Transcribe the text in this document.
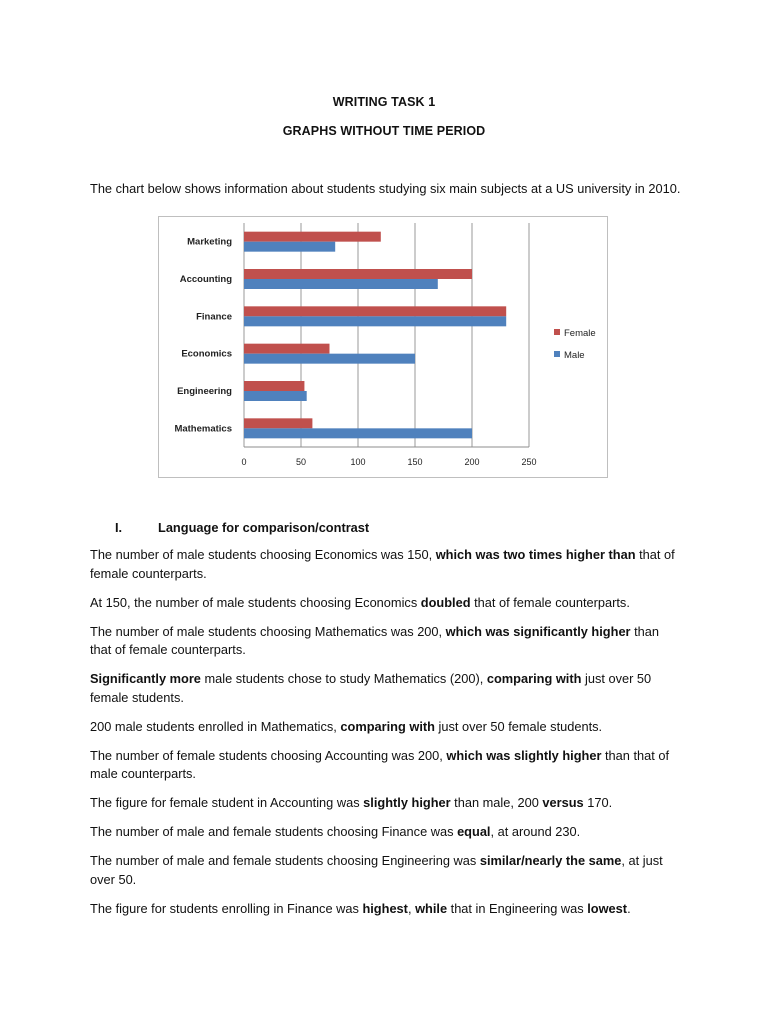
WRITING TASK 1
GRAPHS WITHOUT TIME PERIOD
The chart below shows information about students studying six main subjects at a US university in 2010.
0	50	100	150	200	250
Marketing
Accounting
Finance
Economics
Engineering
Mathematics
Female
Male
I.	Language for comparison/contrast

The number of male students choosing Economics was 150, which was two times higher than that of female counterparts.

At 150, the number of male students choosing Economics doubled that of female counterparts.

The number of male students choosing Mathematics was 200, which was significantly higher than that of female counterparts.

Significantly more male students chose to study Mathematics (200), comparing with just over 50 female students.

200 male students enrolled in Mathematics, comparing with just over 50 female students.

The number of female students choosing Accounting was 200, which was slightly higher than that of male counterparts.

The figure for female student in Accounting was slightly higher than male, 200 versus 170.

The number of male and female students choosing Finance was equal, at around 230.

The number of male and female students choosing Engineering was similar/nearly the same, at just over 50.

The figure for students enrolling in Finance was highest, while that in Engineering was lowest.
